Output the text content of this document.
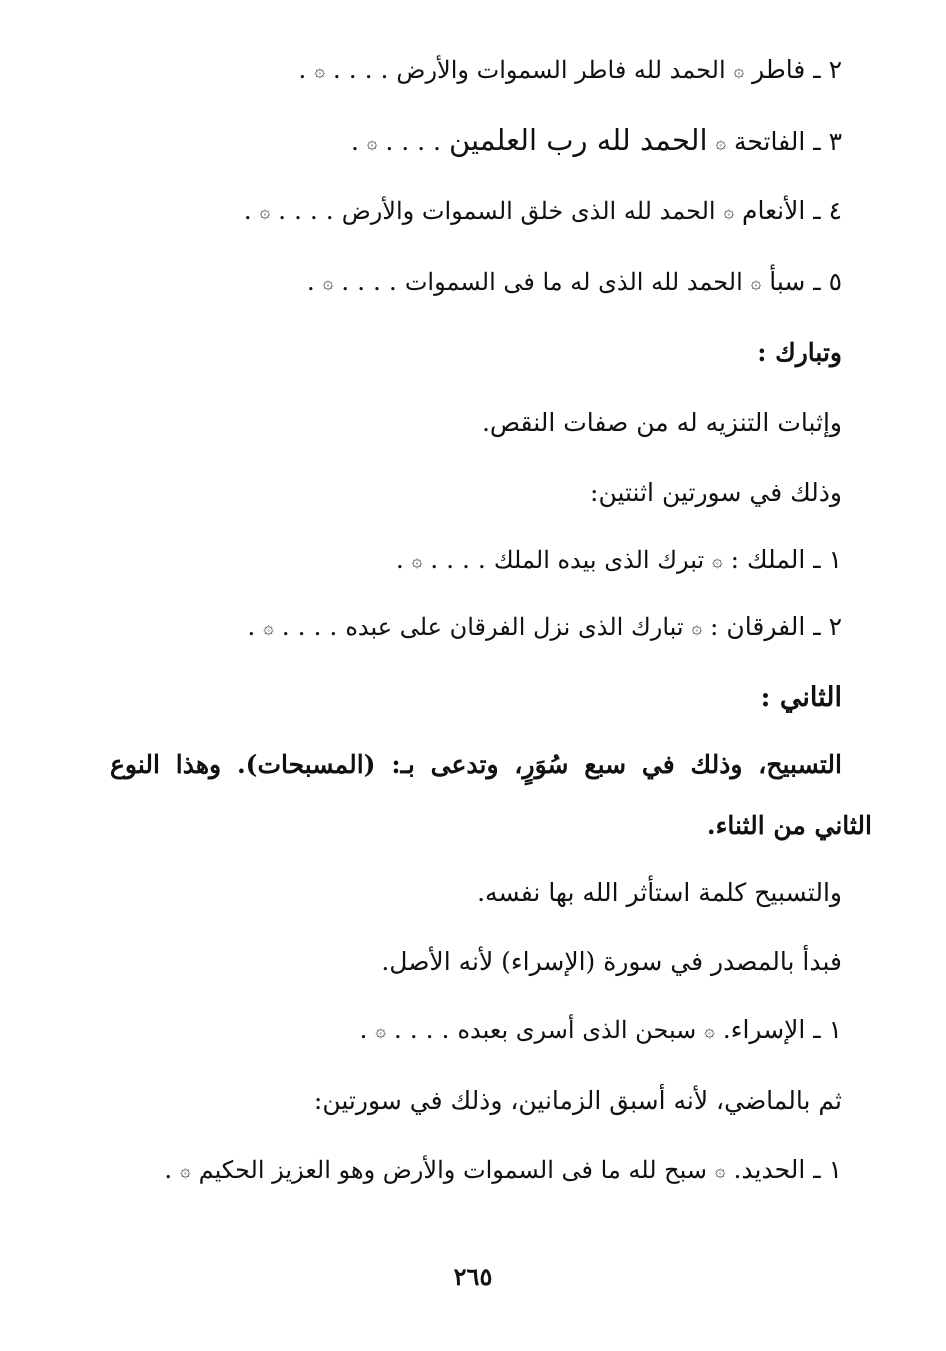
٢ ـ فاطر ۞ الحمد لله فاطر السموات والأرض . . . . ۞ .
٣ ـ الفاتحة ۞ الحمد لله رب العلمين . . . . ۞ .
٤ ـ الأنعام ۞ الحمد لله الذى خلق السموات والأرض . . . . ۞ .
٥ ـ سبأ ۞ الحمد لله الذى له ما فى السموات . . . . ۞ .
وتبارك :
وإثبات التنزيه له من صفات النقص.
وذلك في سورتين اثنتين:
١ ـ الملك : ۞ تبرك الذى بيده الملك . . . . ۞ .
٢ ـ الفرقان : ۞ تبارك الذى نزل الفرقان على عبده . . . . ۞ .
الثاني :
التسبيح، وذلك في سبع سُوَرٍ، وتدعى بـ: (المسبحات). وهذا النوع
الثاني من الثناء.
والتسبيح كلمة استأثر الله بها نفسه.
فبدأ بالمصدر في سورة (الإسراء) لأنه الأصل.
١ ـ الإسراء. ۞ سبحن الذى أسرى بعبده . . . . ۞ .
ثم بالماضي، لأنه أسبق الزمانين، وذلك في سورتين:
١ ـ الحديد. ۞ سبح لله ما فى السموات والأرض وهو العزيز الحكيم ۞ .
٢٦٥
